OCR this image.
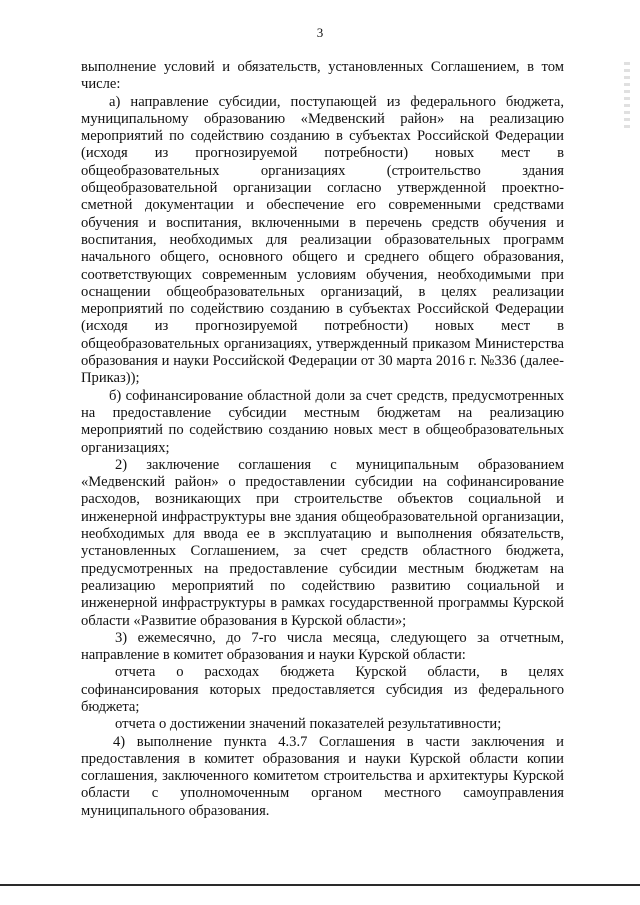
3

выполнение условий и обязательств, установленных Соглашением, в том числе:

а) направление субсидии, поступающей из федерального бюджета, муниципальному образованию «Медвенский район» на реализацию мероприятий по содействию созданию в субъектах Российской Федерации (исходя из прогнозируемой потребности) новых мест в общеобразовательных организациях (строительство здания общеобразовательной организации согласно утвержденной проектно-сметной документации и обеспечение его современными средствами обучения и воспитания, включенными в перечень средств обучения и воспитания, необходимых для реализации образовательных программ начального общего, основного общего и среднего общего образования, соответствующих современным условиям обучения, необходимыми при оснащении общеобразовательных организаций, в целях реализации мероприятий по содействию созданию в субъектах Российской Федерации (исходя из прогнозируемой потребности) новых мест в общеобразовательных организациях, утвержденный приказом Министерства образования и науки Российской Федерации от 30 марта 2016 г. №336 (далее-Приказ));

б) софинансирование областной доли за счет средств, предусмотренных на предоставление субсидии местным бюджетам на реализацию мероприятий по содействию созданию новых мест в общеобразовательных организациях;

2) заключение соглашения с муниципальным образованием «Медвенский район» о предоставлении субсидии на софинансирование расходов, возникающих при строительстве объектов социальной и инженерной инфраструктуры вне здания общеобразовательной организации, необходимых для ввода ее в эксплуатацию и выполнения обязательств, установленных Соглашением, за счет средств областного бюджета, предусмотренных на предоставление субсидии местным бюджетам на реализацию мероприятий по содействию развитию социальной и инженерной инфраструктуры в рамках государственной программы Курской области «Развитие образования в Курской области»;

3) ежемесячно, до 7-го числа месяца, следующего за отчетным, направление в комитет образования и науки Курской области:

отчета о расходах бюджета Курской области, в целях софинансирования которых предоставляется субсидия из федерального бюджета;

отчета о достижении значений показателей результативности;

4) выполнение пункта 4.3.7 Соглашения в части заключения и предоставления в комитет образования и науки Курской области копии соглашения, заключенного комитетом строительства и архитектуры Курской области с уполномоченным органом местного самоуправления муниципального образования.
